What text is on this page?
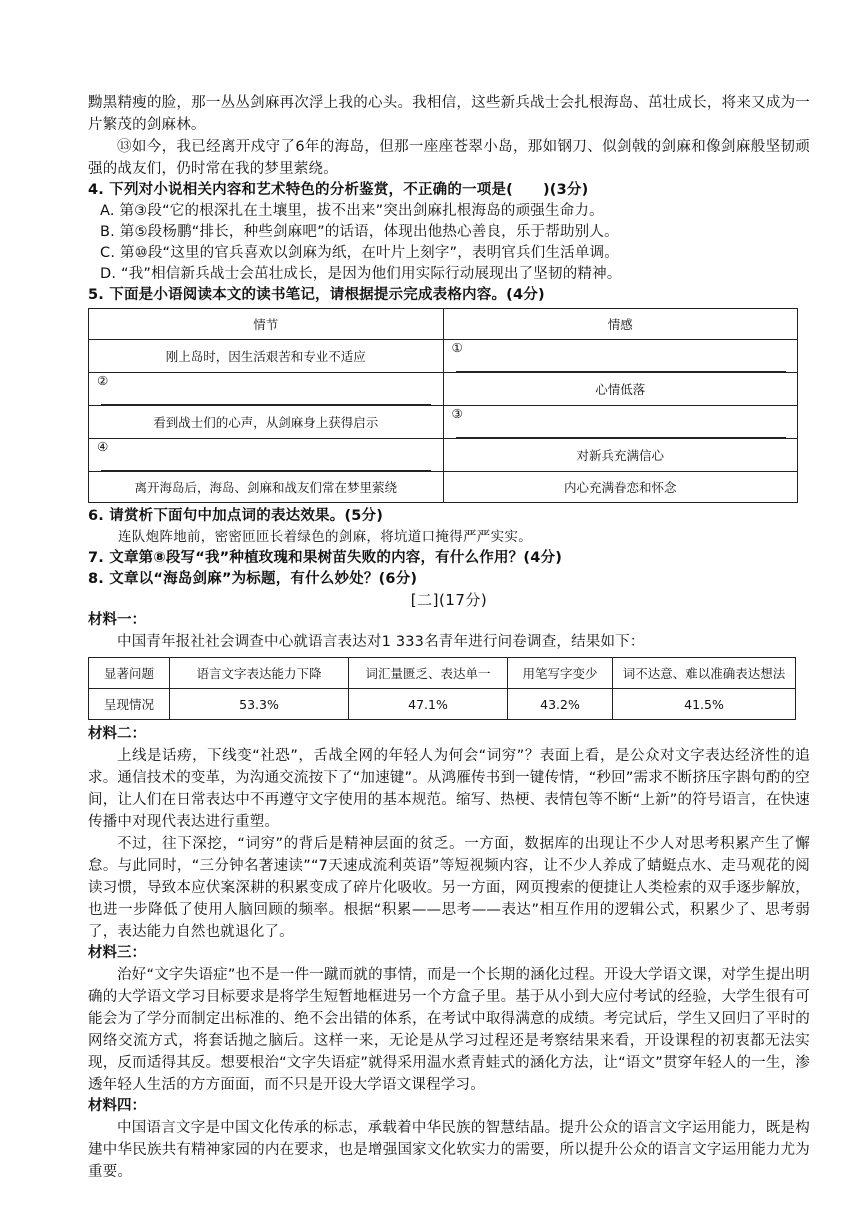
黝黑精瘦的脸，那一丛丛剑麻再次浮上我的心头。我相信，这些新兵战士会扎根海岛、茁壮成长，将来又成为一片繁茂的剑麻林。

⑬如今，我已经离开戍守了6年的海岛，但那一座座苍翠小岛，那如钢刀、似剑戟的剑麻和像剑麻般坚韧顽强的战友们，仍时常在我的梦里萦绕。

4. 下列对小说相关内容和艺术特色的分析鉴赏，不正确的一项是( )(3分)

A. 第③段“它的根深扎在土壤里，拔不出来”突出剑麻扎根海岛的顽强生命力。

B. 第⑤段杨鹏“排长，种些剑麻吧”的话语，体现出他热心善良，乐于帮助别人。

C. 第⑩段“这里的官兵喜欢以剑麻为纸，在叶片上刻字”，表明官兵们生活单调。

D. “我”相信新兵战士会茁壮成长，是因为他们用实际行动展现出了坚韧的精神。

5. 下面是小语阅读本文的读书笔记，请根据提示完成表格内容。(4分)

情节	情感
刚上岛时，因生活艰苦和专业不适应	①
②	心情低落
看到战士们的心声，从剑麻身上获得启示	③
④	对新兵充满信心
离开海岛后，海岛、剑麻和战友们常在梦里萦绕	内心充满眷恋和怀念

6. 请赏析下面句中加点词的表达效果。(5分)

连队炮阵地前，密密匝匝长着绿色的剑麻，将坑道口掩得严严实实。

7. 文章第⑧段写“我”种植玫瑰和果树苗失败的内容，有什么作用？(4分)

8. 文章以“海岛剑麻”为标题，有什么妙处？(6分)

[二](17分)

材料一：

中国青年报社社会调查中心就语言表达对1 333名青年进行问卷调查，结果如下：

显著问题	语言文字表达能力下降	词汇量匮乏、表达单一	用笔写字变少	词不达意、难以准确表达想法
呈现情况	53.3%	47.1%	43.2%	41.5%

材料二：

上线是话痨，下线变“社恐”，舌战全网的年轻人为何会“词穷”？表面上看，是公众对文字表达经济性的追求。通信技术的变革，为沟通交流按下了“加速键”。从鸿雁传书到一键传情，“秒回”需求不断挤压字斟句酌的空间，让人们在日常表达中不再遵守文字使用的基本规范。缩写、热梗、表情包等不断“上新”的符号语言，在快速传播中对现代表达进行重塑。

不过，往下深挖，“词穷”的背后是精神层面的贫乏。一方面，数据库的出现让不少人对思考积累产生了懈怠。与此同时，“三分钟名著速读”“7天速成流利英语”等短视频内容，让不少人养成了蜻蜓点水、走马观花的阅读习惯，导致本应伏案深耕的积累变成了碎片化吸收。另一方面，网页搜索的便捷让人类检索的双手逐步解放，也进一步降低了使用人脑回顾的频率。根据“积累——思考——表达”相互作用的逻辑公式，积累少了、思考弱了，表达能力自然也就退化了。

材料三：

治好“文字失语症”也不是一件一蹴而就的事情，而是一个长期的涵化过程。开设大学语文课，对学生提出明确的大学语文学习目标要求是将学生短暂地框进另一个方盒子里。基于从小到大应付考试的经验，大学生很有可能会为了学分而制定出标准的、绝不会出错的体系，在考试中取得满意的成绩。考完试后，学生又回归了平时的网络交流方式，将套话抛之脑后。这样一来，无论是从学习过程还是考察结果来看，开设课程的初衷都无法实现，反而适得其反。想要根治“文字失语症”就得采用温水煮青蛙式的涵化方法，让“语文”贯穿年轻人的一生，渗透年轻人生活的方方面面，而不只是开设大学语文课程学习。

材料四：

中国语言文字是中国文化传承的标志，承载着中华民族的智慧结晶。提升公众的语言文字运用能力，既是构建中华民族共有精神家园的内在要求，也是增强国家文化软实力的需要，所以提升公众的语言文字运用能力尤为重要。
